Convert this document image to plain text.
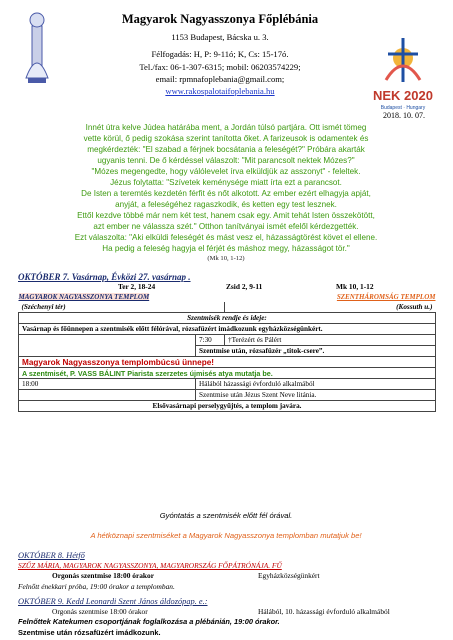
Magyarok Nagyasszonya Főplébánia
1153 Budapest, Bácska u. 3.
Félfogadás: H, P: 9-11ó; K, Cs: 15-17ó.
Tel./fax: 06-1-307-6315; mobil: 06203574229;
email: rpmnafoplebania@gmail.com;
www.rakospalotaifoplebania.hu	NEK 2020
Budapest · Hungary
2018. 10. 07.
Innét útra kelve Júdea határába ment, a Jordán túlsó partjára. Ott ismét tömeg
vette körül, ő pedig szokása szerint tanította őket. A farizeusok is odamentek és
megkérdezték: "El szabad a férjnek bocsátania a feleségét?" Próbára akarták
ugyanis tenni. De ő kérdéssel válaszolt: "Mit parancsolt nektek Mózes?"
"Mózes megengedte, hogy válólevelet írva elküldjük az asszonyt" - feleltek.
Jézus folytatta: "Szívetek keménysége miatt írta ezt a parancsot.
De Isten a teremtés kezdetén férfit és nőt alkotott. Az ember ezért elhagyja apját,
anyját, a feleségéhez ragaszkodik, és ketten egy test lesznek.
Ettől kezdve többé már nem két test, hanem csak egy. Amit tehát Isten összekötött,
azt ember ne válassza szét." Otthon tanítványai ismét efelől kérdezgették.
Ezt válaszolta: "Aki elküldi feleségét és mást vesz el, házasságtörést követ el ellene.
Ha pedig a feleség hagyja el férjét és máshoz megy, házasságot tör."
(Mk 10, 1-12)
OKTÓBER 7. Vasárnap, Évközi 27. vasárnap .
Ter 2, 18-24	Zsid 2, 9-11	Mk 10, 1-12
MAGYAROK NAGYASSZONYA TEMPLOM		SZENTHÁROMSÁG TEMPLOM
(Széchenyi tér)		(Kossuth u.)
Szentmisék rendje és ideje:		
Vasárnap és főünnepen a szentmisék előtt félórával, rózsafüzért imádkozunk egyházközségünkért.		
	7:30	†Terézért és Pálért
	Szentmise után, rózsafüzér „titok-csere”.	
Magyarok Nagyasszonya templombúcsú ünnepe!		
A szentmisét, P. VASS BÁLINT Piarista szerzetes újmisés atya mutatja be.		
18:00	Hálából házassági évforduló alkalmából	
	Szentmise után Jézus Szent Neve litánia.	
Elsővasárnapi perselygyűjtés, a templom javára.		
Gyóntatás a szentmisék előtt fél órával.
A hétköznapi szentmiséket a Magyarok Nagyasszonya templomban mutatjuk be!
OKTÓBER 8. Hétfő
SZŰZ MÁRIA, MAGYAROK NAGYASSZONYA, MAGYARORSZÁG FŐPÁTRÓNÁJA. FŰ
Orgonás szentmise 18:00 órakor	Egyházközségünkért
Felnőtt énekkari próba, 19:00 órakor a templomban.
OKTÓBER 9. Kedd Leonardi Szent János áldozópap. e.:
Orgonás szentmise 18:00 órakor	Hálából, 10. házassági évforduló alkalmából
Felnőttek Katekumen csoportjának foglalkozása a plébánián, 19:00 órakor.
Szentmise után rózsafüzért imádkozunk.
